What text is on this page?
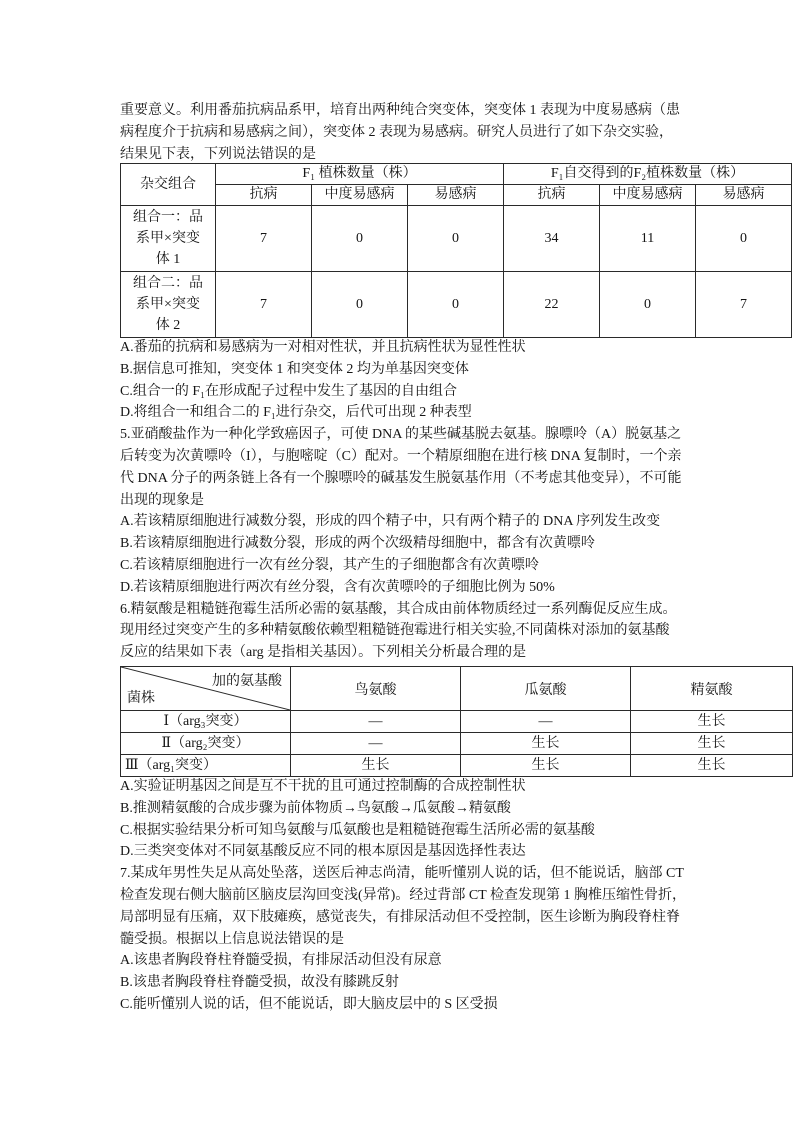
重要意义。利用番茄抗病品系甲，培育出两种纯合突变体，突变体 1 表现为中度易感病（患
病程度介于抗病和易感病之间），突变体 2 表现为易感病。研究人员进行了如下杂交实验，
结果见下表，下列说法错误的是
杂交组合	F₁ 植株数量（株）			F₁自交得到的F₂植株数量（株）		
	抗病	中度易感病	易感病	抗病	中度易感病	易感病
组合一：品系甲×突变体 1	7	0	0	34	11	0
组合二：品系甲×突变体 2	7	0	0	22	0	7
A.番茄的抗病和易感病为一对相对性状，并且抗病性状为显性性状
B.据信息可推知，突变体 1 和突变体 2 均为单基因突变体
C.组合一的 F₁在形成配子过程中发生了基因的自由组合
D.将组合一和组合二的 F₁进行杂交，后代可出现 2 种表型
5.亚硝酸盐作为一种化学致癌因子，可使 DNA 的某些碱基脱去氨基。腺嘌呤（A）脱氨基之
后转变为次黄嘌呤（I），与胞嘧啶（C）配对。一个精原细胞在进行核 DNA 复制时，一个亲
代 DNA 分子的两条链上各有一个腺嘌呤的碱基发生脱氨基作用（不考虑其他变异），不可能
出现的现象是
A.若该精原细胞进行减数分裂，形成的四个精子中，只有两个精子的 DNA 序列发生改变
B.若该精原细胞进行减数分裂，形成的两个次级精母细胞中，都含有次黄嘌呤
C.若该精原细胞进行一次有丝分裂，其产生的子细胞都含有次黄嘌呤
D.若该精原细胞进行两次有丝分裂，含有次黄嘌呤的子细胞比例为 50%
6.精氨酸是粗糙链孢霉生活所必需的氨基酸，其合成由前体物质经过一系列酶促反应生成。
现用经过突变产生的多种精氨酸依赖型粗糙链孢霉进行相关实验,不同菌株对添加的氨基酸
反应的结果如下表（arg 是指相关基因）。下列相关分析最合理的是
加的氨基酸
菌株	鸟氨酸	瓜氨酸	精氨酸
Ⅰ（arg₃突变）	—	—	生长
Ⅱ（arg₂突变）	—	生长	生长
Ⅲ（arg₁突变）	生长	生长	生长
A.实验证明基因之间是互不干扰的且可通过控制酶的合成控制性状
B.推测精氨酸的合成步骤为前体物质→鸟氨酸→瓜氨酸→精氨酸
C.根据实验结果分析可知鸟氨酸与瓜氨酸也是粗糙链孢霉生活所必需的氨基酸
D.三类突变体对不同氨基酸反应不同的根本原因是基因选择性表达
7.某成年男性失足从高处坠落，送医后神志尚清，能听懂别人说的话，但不能说话，脑部 CT
检查发现右侧大脑前区脑皮层沟回变浅(异常)。经过背部 CT 检查发现第 1 胸椎压缩性骨折，
局部明显有压痛，双下肢瘫痪，感觉丧失，有排尿活动但不受控制，医生诊断为胸段脊柱脊
髓受损。根据以上信息说法错误的是
A.该患者胸段脊柱脊髓受损，有排尿活动但没有尿意
B.该患者胸段脊柱脊髓受损，故没有膝跳反射
C.能听懂别人说的话，但不能说话，即大脑皮层中的 S 区受损
